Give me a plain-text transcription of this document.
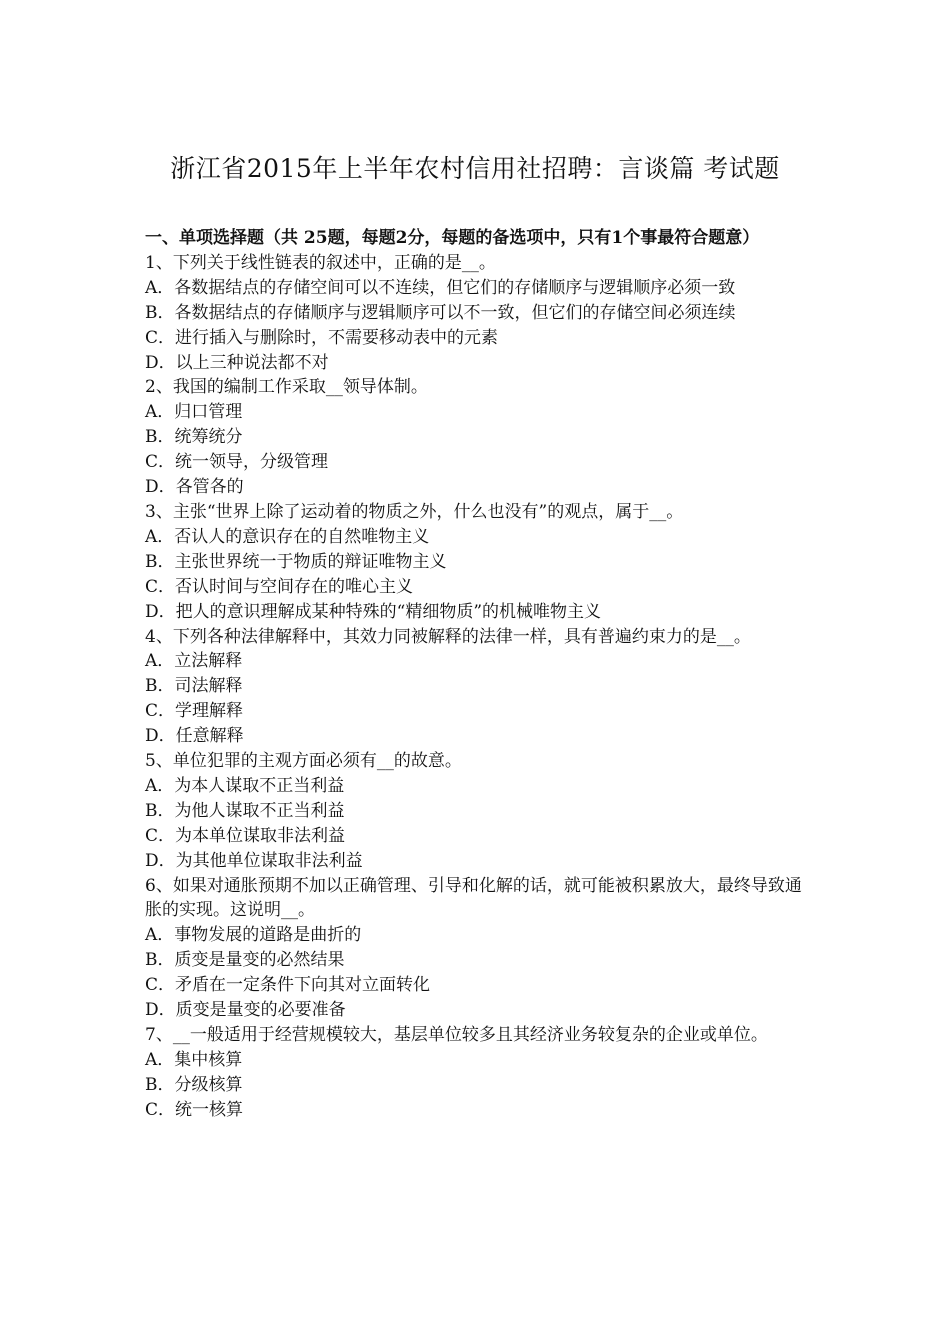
浙江省2015年上半年农村信用社招聘：言谈篇 考试题

一、单项选择题（共 25题，每题2分，每题的备选项中，只有1个事最符合题意）

1、下列关于线性链表的叙述中，正确的是__。

A．各数据结点的存储空间可以不连续，但它们的存储顺序与逻辑顺序必须一致

B．各数据结点的存储顺序与逻辑顺序可以不一致，但它们的存储空间必须连续

C．进行插入与删除时，不需要移动表中的元素

D．以上三种说法都不对

2、我国的编制工作采取__领导体制。

A．归口管理

B．统筹统分

C．统一领导，分级管理

D．各管各的

3、主张“世界上除了运动着的物质之外，什么也没有”的观点，属于__。

A．否认人的意识存在的自然唯物主义

B．主张世界统一于物质的辩证唯物主义

C．否认时间与空间存在的唯心主义

D．把人的意识理解成某种特殊的“精细物质”的机械唯物主义

4、下列各种法律解释中，其效力同被解释的法律一样，具有普遍约束力的是__。

A．立法解释

B．司法解释

C．学理解释

D．任意解释

5、单位犯罪的主观方面必须有__的故意。

A．为本人谋取不正当利益

B．为他人谋取不正当利益

C．为本单位谋取非法利益

D．为其他单位谋取非法利益

6、如果对通胀预期不加以正确管理、引导和化解的话，就可能被积累放大，最终导致通胀的实现。这说明__。

A．事物发展的道路是曲折的

B．质变是量变的必然结果

C．矛盾在一定条件下向其对立面转化

D．质变是量变的必要准备

7、__一般适用于经营规模较大，基层单位较多且其经济业务较复杂的企业或单位。

A．集中核算

B．分级核算

C．统一核算
